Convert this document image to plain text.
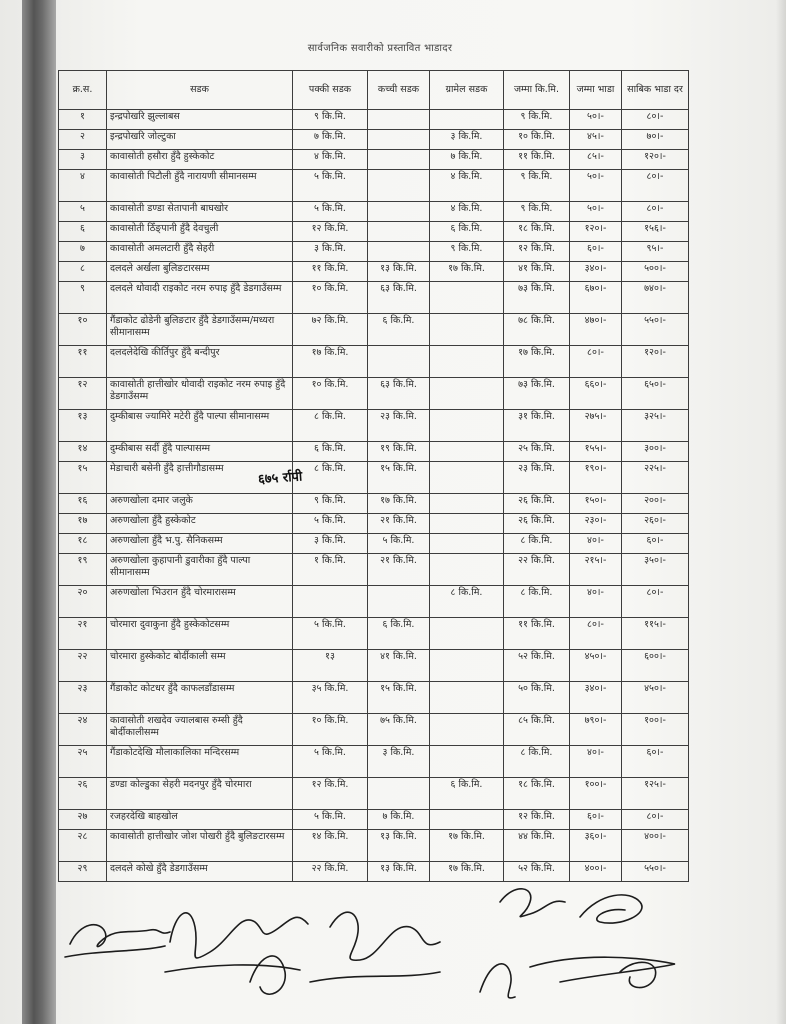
सार्वजनिक सवारीको प्रस्तावित भाडादर
क्र.स.	सडक	पक्की सडक	कच्ची सडक	ग्रामेल सडक	जम्मा कि.मि.	जम्मा भाडा	साबिक भाडा दर
१	इन्द्रपोखरि झुल्लाबस	९ कि.मि.			९ कि.मि.	५०।-	८०।-
२	इन्द्रपोखरि जोल्टुका	७ कि.मि.		३ कि.मि.	१० कि.मि.	४५।-	७०।-
३	कावासोती हसौरा हुँदै हुस्केकोट	४ कि.मि.		७ कि.मि.	११ कि.मि.	८५।-	१२०।-
४	कावासोती पिटौली हुँदै नारायणी सीमानसम्म	५ कि.मि.		४ कि.मि.	९ कि.मि.	५०।-	८०।-
५	कावासोती डण्डा सेतापानी बाघखोर	५ कि.मि.		४ कि.मि.	९ कि.मि.	५०।-	८०।-
६	कावासोती ठिँङ्पानी हुँदै देवचुली	१२ कि.मि.		६ कि.मि.	१८ कि.मि.	१२०।-	१५६।-
७	कावासोती अमलटारी हुँदै सेहरी	३ कि.मि.		९ कि.मि.	१२ कि.मि.	६०।-	९५।-
८	दलदले अर्खला बुलिङटारसम्म	११ कि.मि.	१३ कि.मि.	१७ कि.मि.	४१ कि.मि.	३४०।-	५००।-
९	दलदले धोवादी राइकोट नरम रुपाइ हुँदै डेडगाउँसम्म	१० कि.मि.	६३ कि.मि.		७३ कि.मि.	६७०।-	७४०।-
१०	गैंडाकोट ढोडेनी बुलिङटार हुँदै डेडगाउँसम्म/मध्यरा सीमानासम्म	७२ कि.मि.	६ कि.मि.		७८ कि.मि.	४७०।-	५५०।-
११	दलदलेदेखि कीर्तिपुर हुँदै बन्दीपुर	१७ कि.मि.			१७ कि.मि.	८०।-	१२०।-
१२	कावासोती हात्तीखोर धोवादी राइकोट नरम रुपाइ हुँदै डेडगाउँसम्म	१० कि.मि.	६३ कि.मि.		७३ कि.मि.	६६०।-	६५०।-
१३	दुम्कीबास ज्यामिरे मटेरी हुँदै पाल्पा सीमानासम्म	८ कि.मि.	२३ कि.मि.		३१ कि.मि.	२७५।-	३२५।-
१४	दुम्कीबास सर्दी हुँदै पाल्पासम्म	६ कि.मि.	१९ कि.मि.		२५ कि.मि.	१५५।-	३००।-
१५	मेडाचारी बसेनी हुँदै हात्तीगौडासम्म	८ कि.मि.	१५ कि.मि.		२३ कि.मि.	१९०।-	२२५।-
१६	अरुणखोला दमार जलुके	९ कि.मि.	१७ कि.मि.		२६ कि.मि.	१५०।-	२००।-
१७	अरुणखोला हुँदै हुस्केकोट	५ कि.मि.	२१ कि.मि.		२६ कि.मि.	२३०।-	२६०।-
१८	अरुणखोला हुँदै भ.पु. सैनिकसम्म	३ कि.मि.	५ कि.मि.		८ कि.मि.	४०।-	६०।-
१९	अरुणखोला कुहापानी डुवारीका हुँदै पाल्पा सीमानासम्म	१ कि.मि.	२१ कि.मि.		२२ कि.मि.	२१५।-	३५०।-
२०	अरुणखोला भिउरान हुँदै चोरमारासम्म			८ कि.मि.	८ कि.मि.	४०।-	८०।-
२१	चोरमारा दुवाकुना हुँदै हुस्केकोटसम्म	५ कि.मि.	६ कि.मि.		११ कि.मि.	८०।-	११५।-
२२	चोरमारा हुस्केकोट बोर्दीकाली सम्म	१३	४१ कि.मि.		५२ कि.मि.	४५०।-	६००।-
२३	गैंडाकोट कोटधर हुँदै काफलडाँडासम्म	३५ कि.मि.	१५ कि.मि.		५० कि.मि.	३४०।-	४५०।-
२४	कावासोती शखदेव ज्यालबास रुम्सी हुँदै बोर्दीकालीसम्म	१० कि.मि.	७५ कि.मि.		८५ कि.मि.	७९०।-	१००।-
२५	गैंडाकोटदेखि मौलाकालिका मन्दिरसम्म	५ कि.मि.	३ कि.मि.		८ कि.मि.	४०।-	६०।-
२६	डण्डा कोल्डुका सेहरी मदनपुर हुँदै चोरमारा	१२ कि.मि.		६ कि.मि.	१८ कि.मि.	१००।-	१२५।-
२७	रजहरदेखि बाहखोल	५ कि.मि.	७ कि.मि.		१२ कि.मि.	६०।-	८०।-
२८	कावासोती हात्तीखोर जोश पोखरी हुँदै बुलिङटारसम्म	१४ कि.मि.	१३ कि.मि.	१७ कि.मि.	४४ कि.मि.	३६०।-	४००।-
२९	दलदले कोखे हुँदै डेडगाउँसम्म	२२ कि.मि.	१३ कि.मि.	१७ कि.मि.	५२ कि.मि.	४००।-	५५०।-
६७५ र्रापी
